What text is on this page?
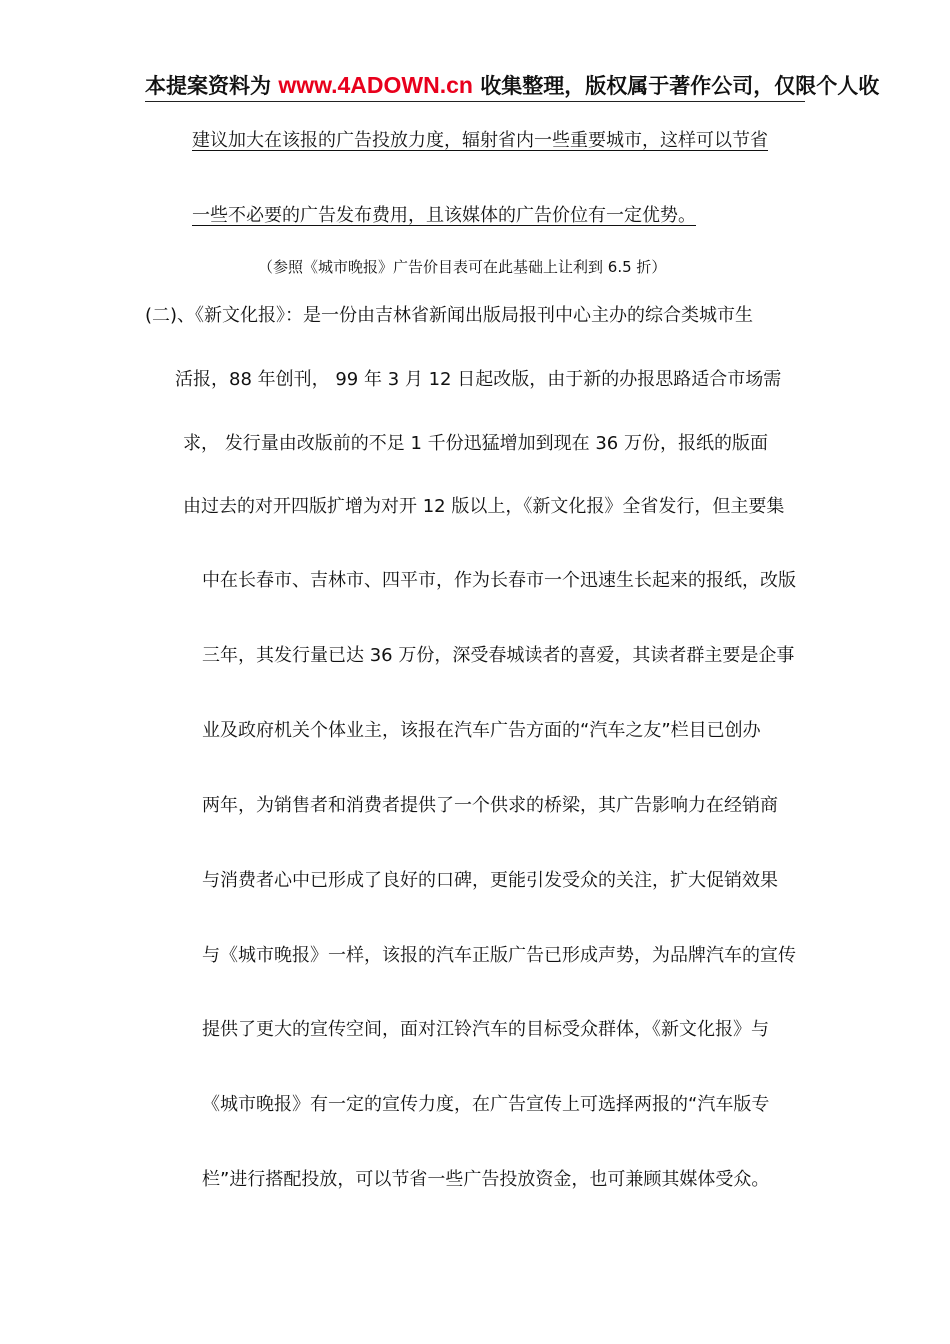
本提案资料为 www.4ADOWN.cn 收集整理，版权属于著作公司，仅限个人收
建议加大在该报的广告投放力度，辐射省内一些重要城市，这样可以节省
一些不必要的广告发布费用，且该媒体的广告价位有一定优势。
（参照《城市晚报》广告价目表可在此基础上让利到 6.5 折）
(二)、《新文化报》：是一份由吉林省新闻出版局报刊中心主办的综合类城市生
活报，88 年创刊， 99 年 3 月 12 日起改版，由于新的办报思路适合市场需
求， 发行量由改版前的不足 1 千份迅猛增加到现在 36 万份，报纸的版面
由过去的对开四版扩增为对开 12 版以上，《新文化报》全省发行，但主要集
中在长春市、吉林市、四平市，作为长春市一个迅速生长起来的报纸，改版
三年，其发行量已达 36 万份，深受春城读者的喜爱，其读者群主要是企事
业及政府机关个体业主，该报在汽车广告方面的“汽车之友”栏目已创办
两年，为销售者和消费者提供了一个供求的桥梁，其广告影响力在经销商
与消费者心中已形成了良好的口碑，更能引发受众的关注，扩大促销效果
与《城市晚报》一样，该报的汽车正版广告已形成声势，为品牌汽车的宣传
提供了更大的宣传空间，面对江铃汽车的目标受众群体，《新文化报》与
《城市晚报》有一定的宣传力度，在广告宣传上可选择两报的“汽车版专
栏”进行搭配投放，可以节省一些广告投放资金，也可兼顾其媒体受众。
